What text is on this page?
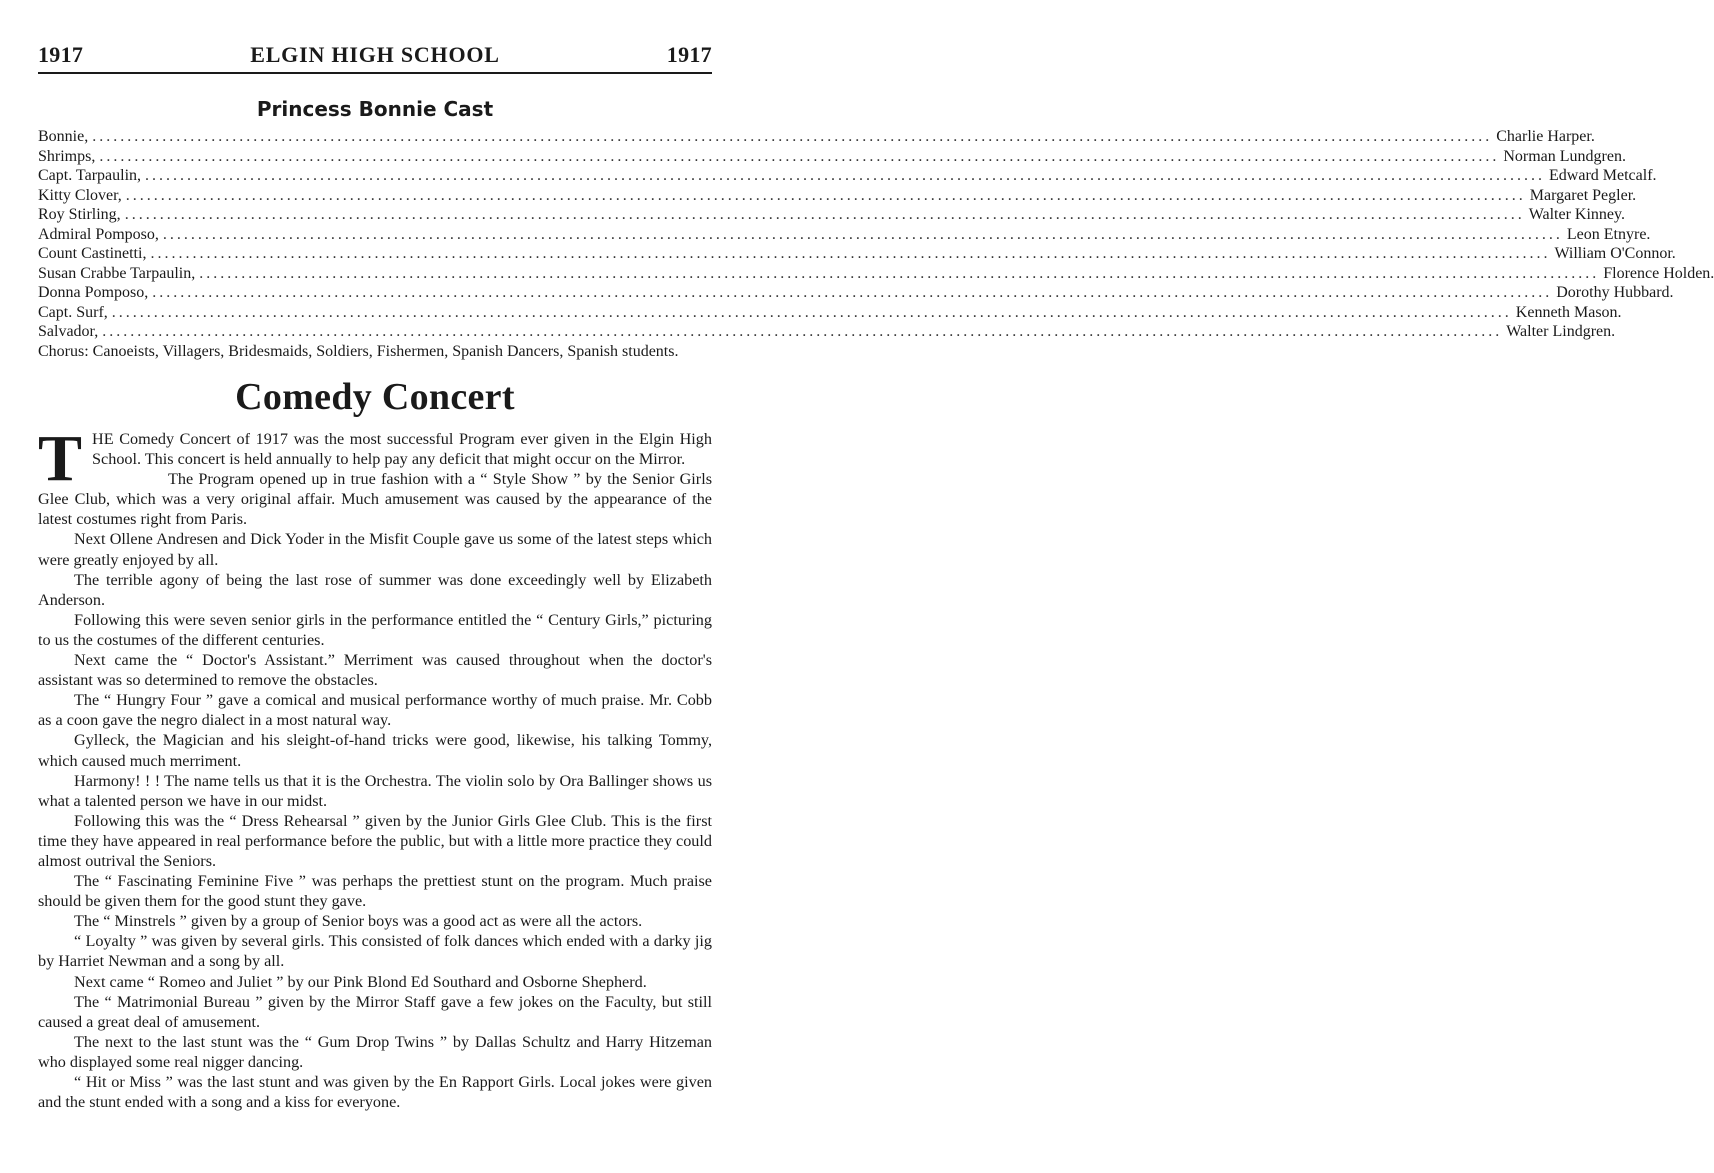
1917	ELGIN HIGH SCHOOL	1917
Princess Bonnie Cast
Bonnie, ........................................................................................................................................................................................................ Charlie Harper.
Shrimps, ........................................................................................................................................................................................................ Norman Lundgren.
Capt. Tarpaulin, ........................................................................................................................................................................................................ Edward Metcalf.
Kitty Clover, ........................................................................................................................................................................................................ Margaret Pegler.
Roy Stirling, ........................................................................................................................................................................................................ Walter Kinney.
Admiral Pomposo, ........................................................................................................................................................................................................ Leon Etnyre.
Count Castinetti, ........................................................................................................................................................................................................ William O'Connor.
Susan Crabbe Tarpaulin, ........................................................................................................................................................................................................ Florence Holden.
Donna Pomposo, ........................................................................................................................................................................................................ Dorothy Hubbard.
Capt. Surf, ........................................................................................................................................................................................................ Kenneth Mason.
Salvador, ........................................................................................................................................................................................................ Walter Lindgren.
Chorus: Canoeists, Villagers, Bridesmaids, Soldiers, Fishermen, Spanish Dancers, Spanish students.
Comedy Concert

THE Comedy Concert of 1917 was the most successful Program ever given in the Elgin High School. This concert is held annually to help pay any deficit that might occur on the Mirror.

The Program opened up in true fashion with a “ Style Show ” by the Senior Girls Glee Club, which was a very original affair. Much amusement was caused by the appearance of the latest costumes right from Paris.

Next Ollene Andresen and Dick Yoder in the Misfit Couple gave us some of the latest steps which were greatly enjoyed by all.

The terrible agony of being the last rose of summer was done exceedingly well by Elizabeth Anderson.

Following this were seven senior girls in the performance entitled the “ Century Girls,” picturing to us the costumes of the different centuries.

Next came the “ Doctor's Assistant.” Merriment was caused throughout when the doctor's assistant was so determined to remove the obstacles.

The “ Hungry Four ” gave a comical and musical performance worthy of much praise. Mr. Cobb as a coon gave the negro dialect in a most natural way.

Gylleck, the Magician and his sleight-of-hand tricks were good, likewise, his talking Tommy, which caused much merriment.

Harmony! ! ! The name tells us that it is the Orchestra. The violin solo by Ora Ballinger shows us what a talented person we have in our midst.

Following this was the “ Dress Rehearsal ” given by the Junior Girls Glee Club. This is the first time they have appeared in real performance before the public, but with a little more practice they could almost outrival the Seniors.

The “ Fascinating Feminine Five ” was perhaps the prettiest stunt on the program. Much praise should be given them for the good stunt they gave.

The “ Minstrels ” given by a group of Senior boys was a good act as were all the actors.

“ Loyalty ” was given by several girls. This consisted of folk dances which ended with a darky jig by Harriet Newman and a song by all.

Next came “ Romeo and Juliet ” by our Pink Blond Ed Southard and Osborne Shepherd.

The “ Matrimonial Bureau ” given by the Mirror Staff gave a few jokes on the Faculty, but still caused a great deal of amusement.

The next to the last stunt was the “ Gum Drop Twins ” by Dallas Schultz and Harry Hitzeman who displayed some real nigger dancing.

“ Hit or Miss ” was the last stunt and was given by the En Rapport Girls. Local jokes were given and the stunt ended with a song and a kiss for everyone.
